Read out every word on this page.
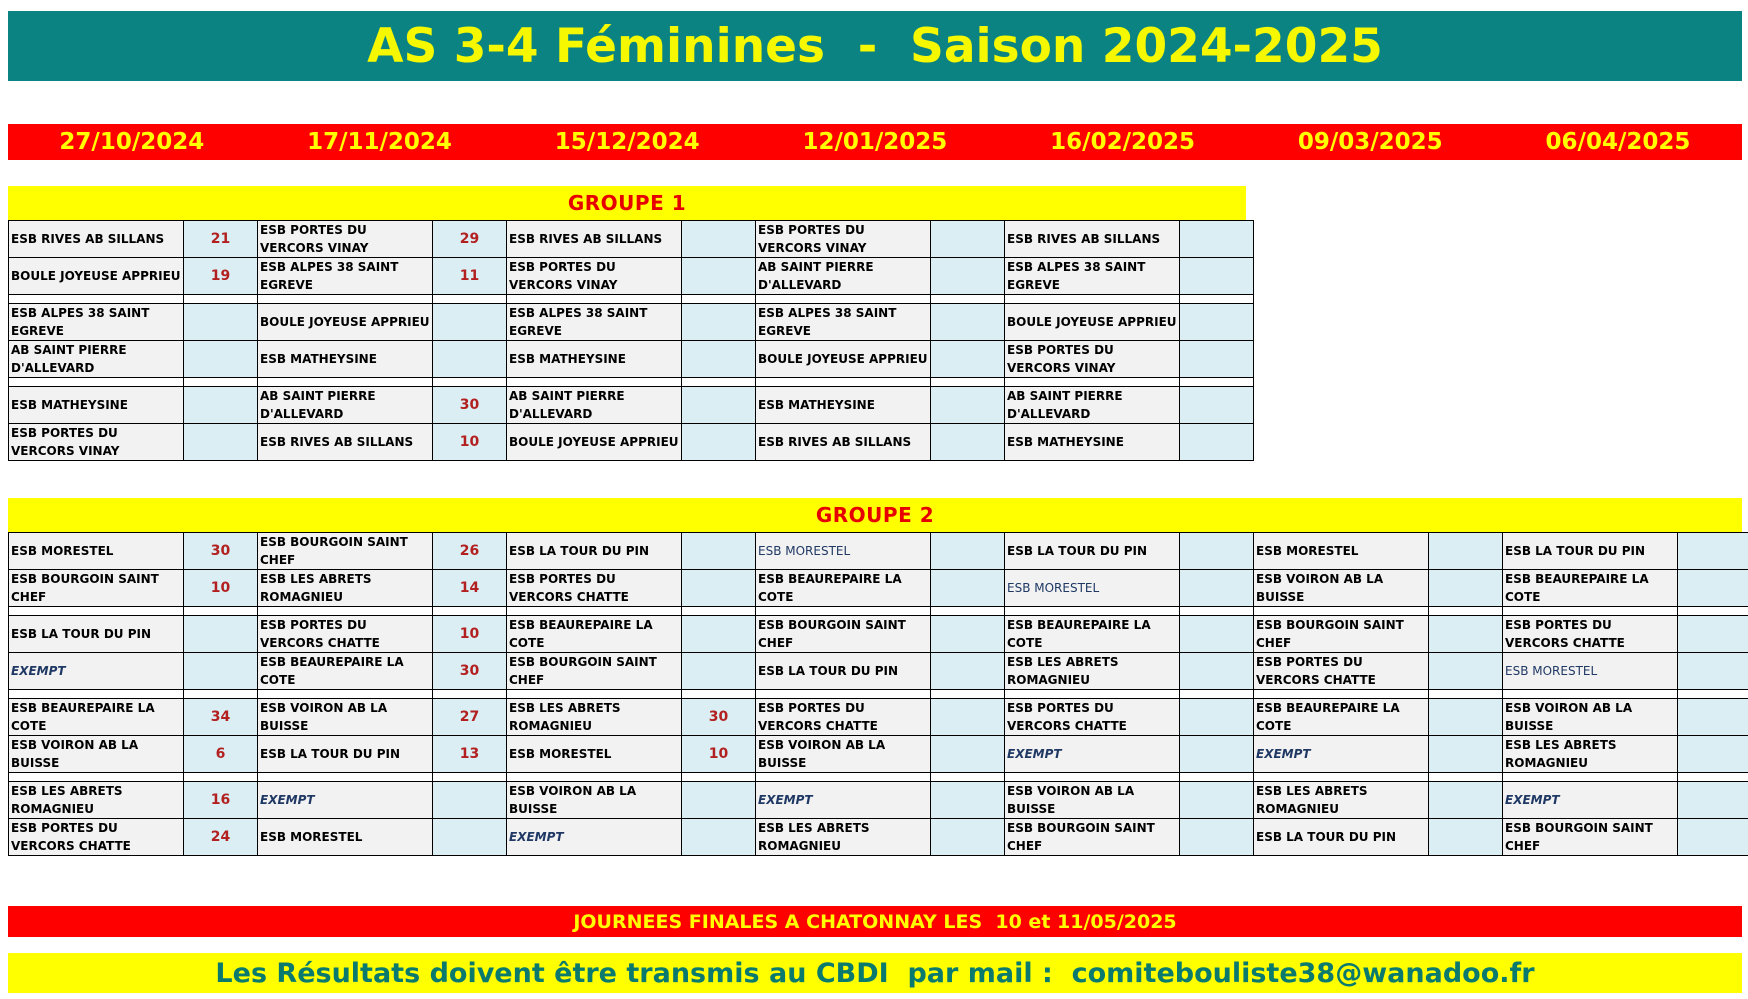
AS 3-4 Féminines  -  Saison 2024-2025
27/10/2024	17/11/2024	15/12/2024	12/01/2025	16/02/2025	09/03/2025	06/04/2025
GROUPE 1
ESB RIVES AB SILLANS	21	ESB PORTES DU VERCORS VINAY	29	ESB RIVES AB SILLANS		ESB PORTES DU VERCORS VINAY		ESB RIVES AB SILLANS	
BOULE JOYEUSE APPRIEU	19	ESB ALPES 38 SAINT EGREVE	11	ESB PORTES DU VERCORS VINAY		AB SAINT PIERRE D'ALLEVARD		ESB ALPES 38 SAINT EGREVE	

ESB ALPES 38 SAINT EGREVE		BOULE JOYEUSE APPRIEU		ESB ALPES 38 SAINT EGREVE		ESB ALPES 38 SAINT EGREVE		BOULE JOYEUSE APPRIEU	
AB SAINT PIERRE D'ALLEVARD		ESB MATHEYSINE		ESB MATHEYSINE		BOULE JOYEUSE APPRIEU		ESB PORTES DU VERCORS VINAY	

ESB MATHEYSINE		AB SAINT PIERRE D'ALLEVARD	30	AB SAINT PIERRE D'ALLEVARD		ESB MATHEYSINE		AB SAINT PIERRE D'ALLEVARD	
ESB PORTES DU VERCORS VINAY		ESB RIVES AB SILLANS	10	BOULE JOYEUSE APPRIEU		ESB RIVES AB SILLANS		ESB MATHEYSINE	
GROUPE 2
ESB MORESTEL	30	ESB BOURGOIN SAINT CHEF	26	ESB LA TOUR DU PIN		ESB MORESTEL		ESB LA TOUR DU PIN		ESB MORESTEL		ESB LA TOUR DU PIN	
ESB BOURGOIN SAINT CHEF	10	ESB LES ABRETS ROMAGNIEU	14	ESB PORTES DU VERCORS CHATTE		ESB BEAUREPAIRE LA COTE		ESB MORESTEL		ESB VOIRON AB LA BUISSE		ESB BEAUREPAIRE LA COTE	

ESB LA TOUR DU PIN		ESB PORTES DU VERCORS CHATTE	10	ESB BEAUREPAIRE LA COTE		ESB BOURGOIN SAINT CHEF		ESB BEAUREPAIRE LA COTE		ESB BOURGOIN SAINT CHEF		ESB PORTES DU VERCORS CHATTE	
EXEMPT		ESB BEAUREPAIRE LA COTE	30	ESB BOURGOIN SAINT CHEF		ESB LA TOUR DU PIN		ESB LES ABRETS ROMAGNIEU		ESB PORTES DU VERCORS CHATTE		ESB MORESTEL	

ESB BEAUREPAIRE LA COTE	34	ESB VOIRON AB LA BUISSE	27	ESB LES ABRETS ROMAGNIEU	30	ESB PORTES DU VERCORS CHATTE		ESB PORTES DU VERCORS CHATTE		ESB BEAUREPAIRE LA COTE		ESB VOIRON AB LA BUISSE	
ESB VOIRON AB LA BUISSE	6	ESB LA TOUR DU PIN	13	ESB MORESTEL	10	ESB VOIRON AB LA BUISSE		EXEMPT		EXEMPT		ESB LES ABRETS ROMAGNIEU	

ESB LES ABRETS ROMAGNIEU	16	EXEMPT		ESB VOIRON AB LA BUISSE		EXEMPT		ESB VOIRON AB LA BUISSE		ESB LES ABRETS ROMAGNIEU		EXEMPT	
ESB PORTES DU VERCORS CHATTE	24	ESB MORESTEL		EXEMPT		ESB LES ABRETS ROMAGNIEU		ESB BOURGOIN SAINT CHEF		ESB LA TOUR DU PIN		ESB BOURGOIN SAINT CHEF	
JOURNEES FINALES A CHATONNAY LES  10 et 11/05/2025
Les Résultats doivent être transmis au CBDI  par mail :  comitebouliste38@wanadoo.fr
